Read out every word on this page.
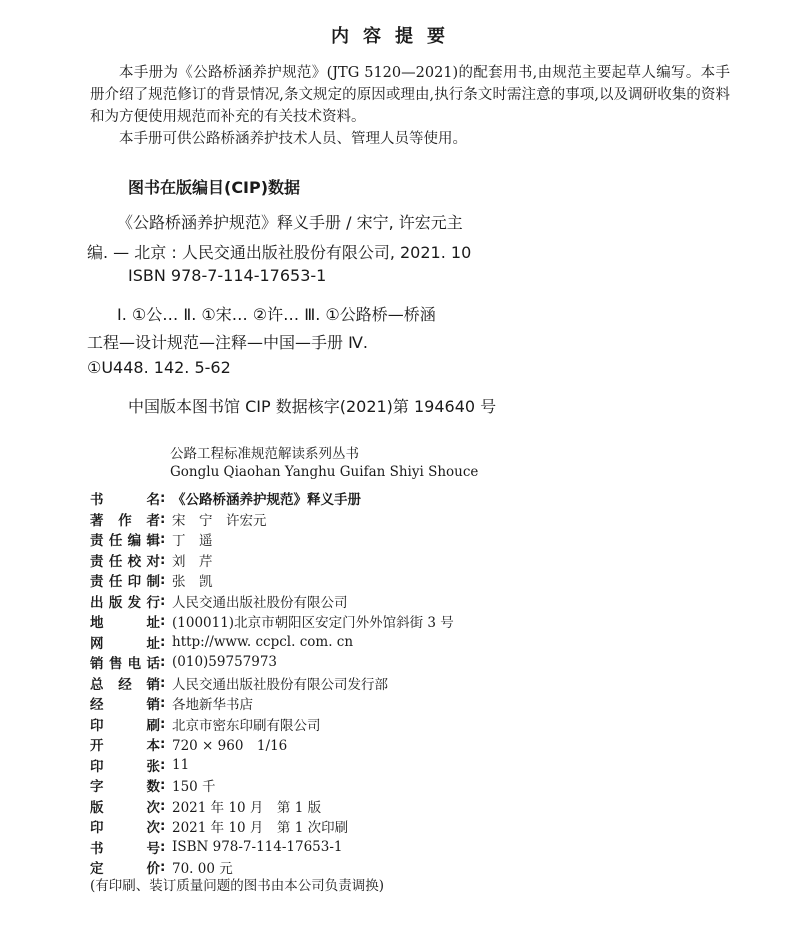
内容提要

本手册为《公路桥涵养护规范》(JTG 5120—2021)的配套用书,由规范主要起草人编写。本手册介绍了规范修订的背景情况,条文规定的原因或理由,执行条文时需注意的事项,以及调研收集的资料和为方便使用规范而补充的有关技术资料。

本手册可供公路桥涵养护技术人员、管理人员等使用。

图书在版编目(CIP)数据
《公路桥涵养护规范》释义手册 / 宋宁, 许宏元主
编. — 北京 : 人民交通出版社股份有限公司, 2021. 10
ISBN 978-7-114-17653-1
Ⅰ. ①公… Ⅱ. ①宋… ②许… Ⅲ. ①公路桥—桥涵
工程—设计规范—注释—中国—手册 Ⅳ.
①U448. 142. 5-62
中国版本图书馆 CIP 数据核字(2021)第 194640 号
公路工程标准规范解读系列丛书
Gonglu Qiaohan Yanghu Guifan Shiyi Shouce
书名 : 《公路桥涵养护规范》释义手册
著作者 : 宋　宁　许宏元
责任编辑 : 丁　遥
责任校对 : 刘　芹
责任印制 : 张　凯
出版发行 : 人民交通出版社股份有限公司
地址 : (100011)北京市朝阳区安定门外外馆斜街 3 号
网址 : http://www. ccpcl. com. cn
销售电话 : (010)59757973
总经销 : 人民交通出版社股份有限公司发行部
经销 : 各地新华书店
印刷 : 北京市密东印刷有限公司
开本 : 720 × 960　1/16
印张 : 11
字数 : 150 千
版次 : 2021 年 10 月　第 1 版
印次 : 2021 年 10 月　第 1 次印刷
书号 : ISBN 978-7-114-17653-1
定价 : 70. 00 元
(有印刷、装订质量问题的图书由本公司负责调换)
